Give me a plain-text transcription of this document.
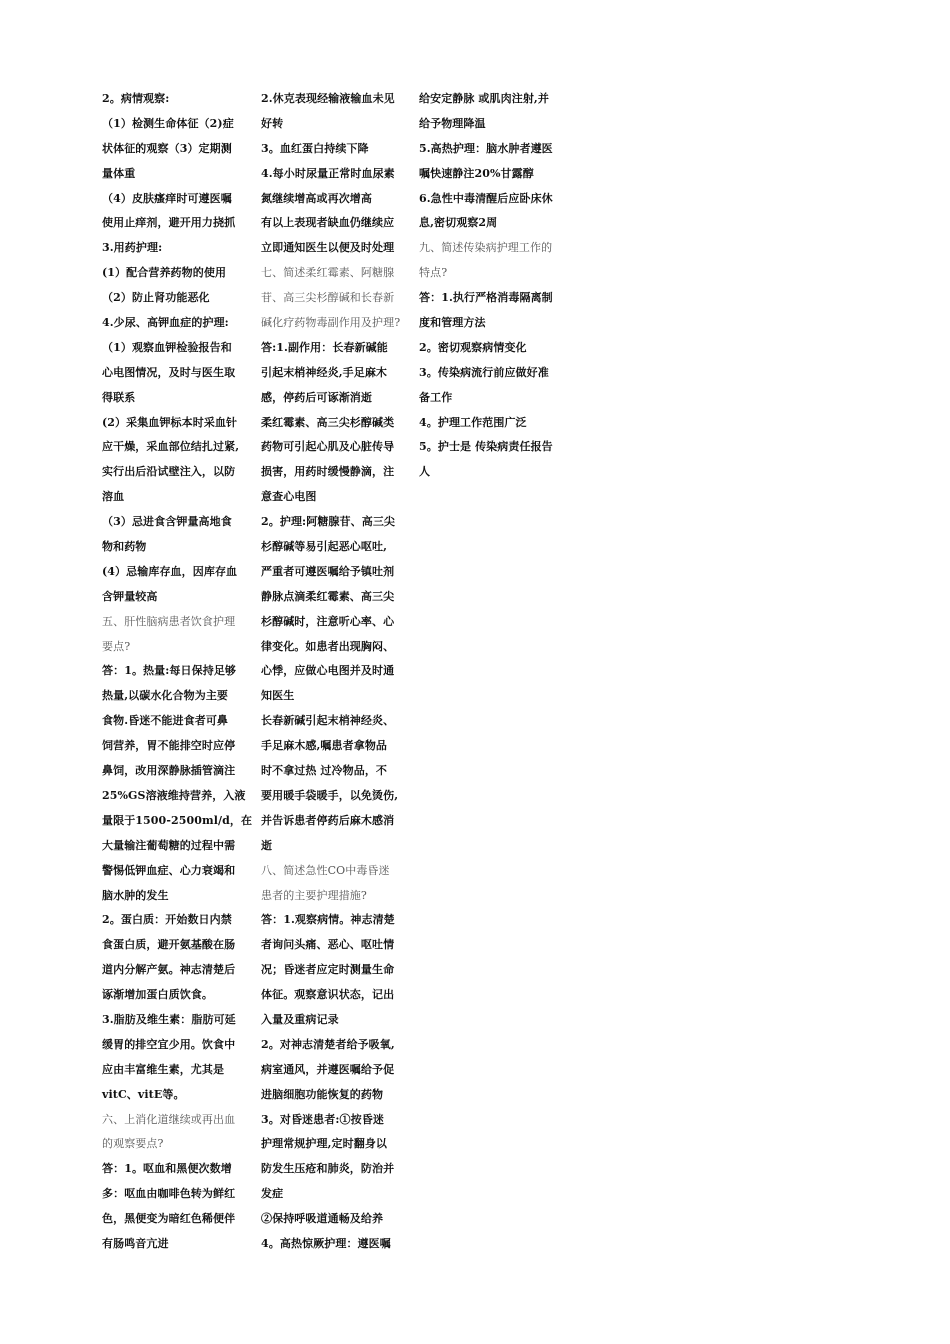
2。病情观察:
（1）检测生命体征（2)症
状体征的观察（3）定期测
量体重
（4）皮肤瘙痒时可遵医嘱
使用止痒剂，避开用力挠抓
3.用药护理:
(1）配合营养药物的使用
（2）防止肾功能恶化
4.少尿、高钾血症的护理:
（1）观察血钾检验报告和
心电图情况，及时与医生取
得联系
(2）采集血钾标本时采血针
应干燥，采血部位结扎过紧,
实行出后沿试壁注入，以防
溶血
（3）忌进食含钾量高地食
物和药物
(4）忌输库存血，因库存血
含钾量较高
五、肝性脑病患者饮食护理
要点?
答：1。热量:每日保持足够
热量,以碳水化合物为主要
食物.昏迷不能进食者可鼻
饲营养，胃不能排空时应停
鼻饲，改用深静脉插管滴注
25%GS溶液维持营养，入液
量限于1500-2500ml/d，在
大量输注葡萄糖的过程中需
警惕低钾血症、心力衰竭和
脑水肿的发生
2。蛋白质：开始数日内禁
食蛋白质，避开氨基酸在肠
道内分解产氨。神志清楚后
诼渐增加蛋白质饮食。
3.脂肪及维生素：脂肪可延
缓胃的排空宜少用。饮食中
应由丰富维生素，尤其是
vitC、vitE等。
六、上消化道继续或再出血
的观察要点?
答：1。呕血和黑便次数增
多：呕血由咖啡色转为鲜红
色，黑便变为暗红色稀便伴
有肠鸣音亢进
2.休克表现经输液输血未见
好转
3。血红蛋白持续下降
4.每小时尿量正常时血尿素
氮继续增高或再次增高
有以上表现者缺血仍继续应
立即通知医生以便及时处理
七、简述柔红霉素、阿糖腺
苷、高三尖杉醇碱和长春新
碱化疗药物毒副作用及护理?
答:1.副作用：长春新碱能
引起末梢神经炎,手足麻木
感，停药后可诼渐消逝
柔红霉素、高三尖杉醇碱类
药物可引起心肌及心脏传导
损害，用药时缓慢静滴，注
意查心电图
2。护理:阿糖腺苷、高三尖
杉醇碱等易引起恶心呕吐,
严重者可遵医嘱给予镇吐剂
静脉点滴柔红霉素、高三尖
杉醇碱时，注意听心率、心
律变化。如患者出现胸闷、
心悸，应做心电图并及时通
知医生
长春新碱引起末梢神经炎、
手足麻木感,嘱患者拿物品
时不拿过热 过冷物品，不
要用暖手袋暖手，以免烫伤,
并告诉患者停药后麻木感消
逝
八、简述急性CO中毒昏迷
患者的主要护理措施?
答：1.观察病情。神志清楚
者询问头痛、恶心、呕吐情
况；昏迷者应定时测量生命
体征。观察意识状态，记出
入量及重病记录
2。对神志清楚者给予吸氧,
病室通风，并遵医嘱给予促
进脑细胞功能恢复的药物
3。对昏迷患者:①按昏迷
护理常规护理,定时翻身以
防发生压疮和肺炎，防治并
发症
②保持呼吸道通畅及给养
4。高热惊厥护理：遵医嘱
给安定静脉 或肌肉注射,并
给予物理降温
5.高热护理：脑水肿者遵医
嘱快速静注20%甘露醇
6.急性中毒清醒后应卧床休
息,密切观察2周
九、简述传染病护理工作的
特点?
答：1.执行严格消毒隔离制
度和管理方法
2。密切观察病情变化
3。传染病流行前应做好准
备工作
4。护理工作范围广泛
5。护士是 传染病责任报告
人
